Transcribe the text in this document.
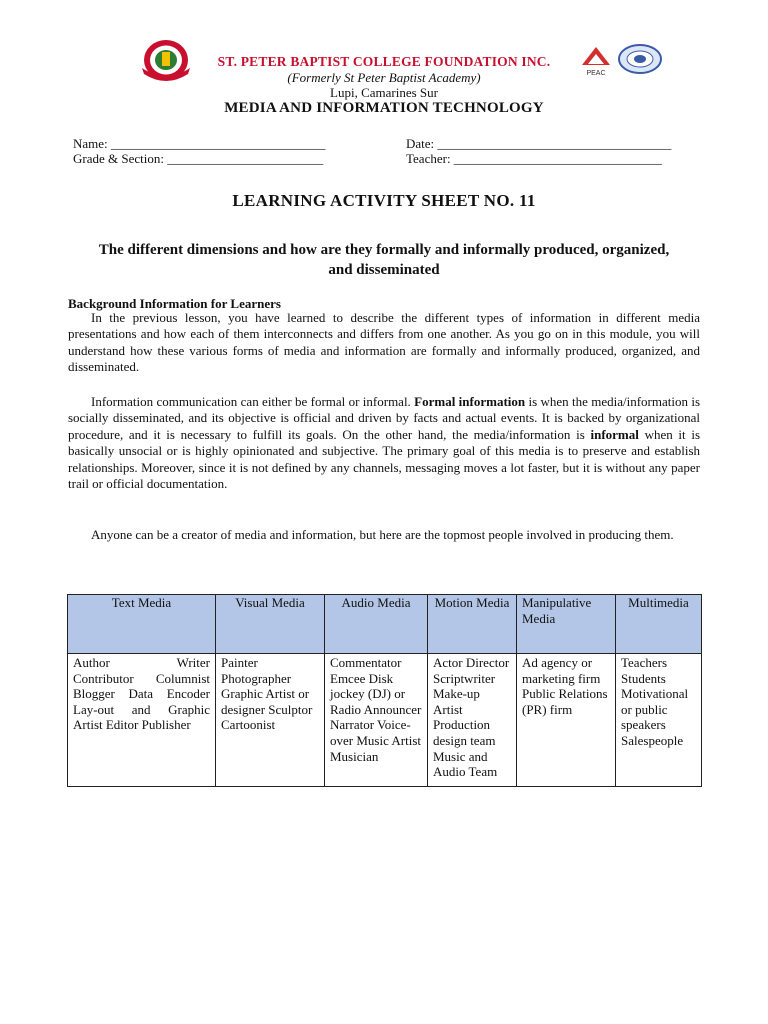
PEAC
ST. PETER BAPTIST COLLEGE FOUNDATION INC.
(Formerly St Peter Baptist Academy)
Lupi, Camarines Sur
MEDIA AND INFORMATION TECHNOLOGY
Name: _________________________________	Date: ____________________________________
Grade & Section: ________________________	Teacher: ________________________________
LEARNING ACTIVITY SHEET NO. 11
The different dimensions and how are they formally and informally produced, organized, and disseminated
Background Information for Learners
In the previous lesson, you have learned to describe the different types of information in different media presentations and how each of them interconnects and differs from one another. As you go on in this module, you will understand how these various forms of media and information are formally and informally produced, organized, and disseminated.
Information communication can either be formal or informal. Formal information is when the media/information is socially disseminated, and its objective is official and driven by facts and actual events. It is backed by organizational procedure, and it is necessary to fulfill its goals. On the other hand, the media/information is informal when it is basically unsocial or is highly opinionated and subjective. The primary goal of this media is to preserve and establish relationships. Moreover, since it is not defined by any channels, messaging moves a lot faster, but it is without any paper trail or official documentation.
Anyone can be a creator of media and information, but here are the topmost people involved in producing them.
Text Media	Visual Media	Audio Media	Motion Media	Manipulative Media	Multimedia
Author Writer Contributor Columnist Blogger Data Encoder Lay-out and Graphic Artist Editor Publisher	Painter Photographer Graphic Artist or designer Sculptor Cartoonist	Commentator Emcee Disk jockey (DJ) or Radio Announcer Narrator Voice-over Music Artist Musician	Actor Director Scriptwriter Make-up Artist Production design team Music and Audio Team	Ad agency or marketing firm Public Relations (PR) firm	Teachers Students Motivational or public speakers Salespeople
